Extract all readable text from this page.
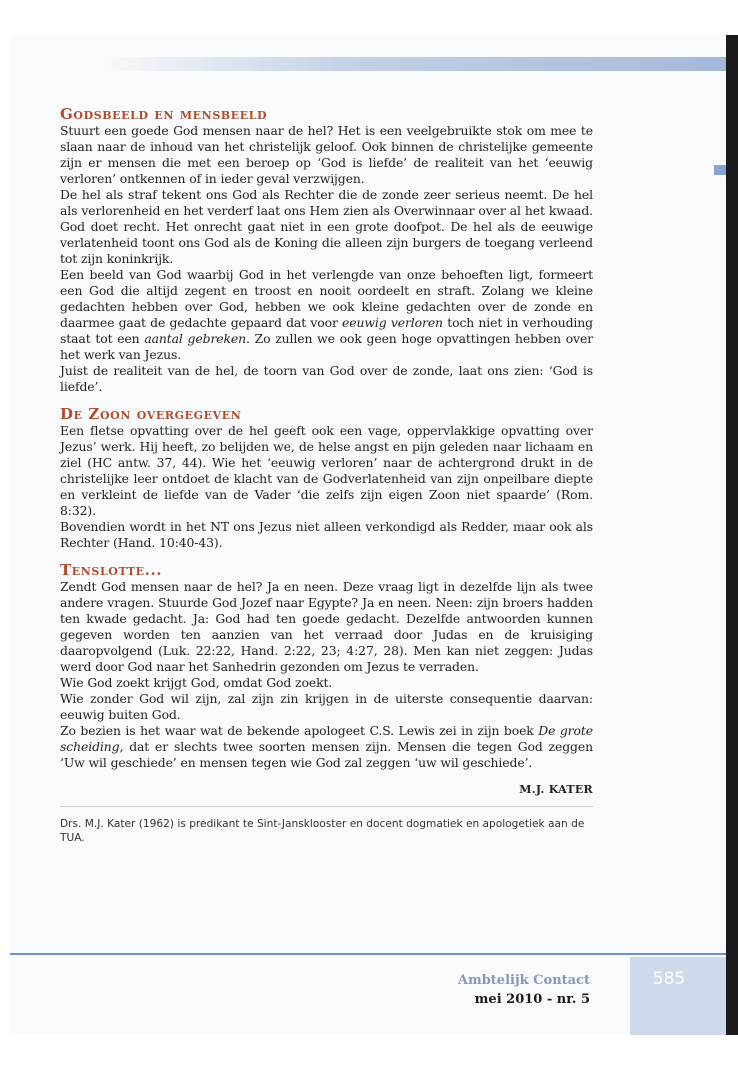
Godsbeeld en mensbeeld

Stuurt een goede God mensen naar de hel? Het is een veelgebruikte stok om mee te slaan naar de inhoud van het christelijk geloof. Ook binnen de christelijke gemeente zijn er mensen die met een beroep op ‘God is liefde’ de realiteit van het ‘eeuwig verloren’ ontkennen of in ieder geval verzwijgen.

De hel als straf tekent ons God als Rechter die de zonde zeer serieus neemt. De hel als verlorenheid en het verderf laat ons Hem zien als Overwinnaar over al het kwaad. God doet recht. Het onrecht gaat niet in een grote doofpot. De hel als de eeuwige verlatenheid toont ons God als de Koning die alleen zijn burgers de toegang verleend tot zijn koninkrijk.

Een beeld van God waarbij God in het verlengde van onze behoeften ligt, formeert een God die altijd zegent en troost en nooit oordeelt en straft. Zolang we kleine gedachten hebben over God, hebben we ook kleine gedachten over de zonde en daarmee gaat de gedachte gepaard dat voor eeuwig verloren toch niet in verhouding staat tot een aantal gebreken. Zo zullen we ook geen hoge opvattingen hebben over het werk van Jezus.

Juist de realiteit van de hel, de toorn van God over de zonde, laat ons zien: ‘God is liefde’.

De Zoon overgegeven

Een fletse opvatting over de hel geeft ook een vage, oppervlakkige opvatting over Jezus’ werk. Hij heeft, zo belijden we, de helse angst en pijn geleden naar lichaam en ziel (HC antw. 37, 44). Wie het ‘eeuwig verloren’ naar de achtergrond drukt in de christelijke leer ontdoet de klacht van de Godverlatenheid van zijn onpeilbare diepte en verkleint de liefde van de Vader ‘die zelfs zijn eigen Zoon niet spaarde’ (Rom. 8:32).

Bovendien wordt in het NT ons Jezus niet alleen verkondigd als Redder, maar ook als Rechter (Hand. 10:40-43).

Tenslotte...

Zendt God mensen naar de hel? Ja en neen. Deze vraag ligt in dezelfde lijn als twee andere vragen. Stuurde God Jozef naar Egypte? Ja en neen. Neen: zijn broers hadden ten kwade gedacht. Ja: God had ten goede gedacht. Dezelfde antwoorden kunnen gegeven worden ten aanzien van het verraad door Judas en de kruisiging daaropvolgend (Luk. 22:22, Hand. 2:22, 23; 4:27, 28). Men kan niet zeggen: Judas werd door God naar het Sanhedrin gezonden om Jezus te verraden.

Wie God zoekt krijgt God, omdat God zoekt.

Wie zonder God wil zijn, zal zijn zin krijgen in de uiterste consequentie daarvan: eeuwig buiten God.

Zo bezien is het waar wat de bekende apologeet C.S. Lewis zei in zijn boek De grote scheiding, dat er slechts twee soorten mensen zijn. Mensen die tegen God zeggen ‘Uw wil geschiede’ en mensen tegen wie God zal zeggen ‘uw wil geschiede’.

M.J. KATER
Drs. M.J. Kater (1962) is predikant te Sint-Jansklooster en docent dogmatiek en apologetiek aan de TUA.
585
Ambtelijk Contact
mei 2010 - nr. 5
